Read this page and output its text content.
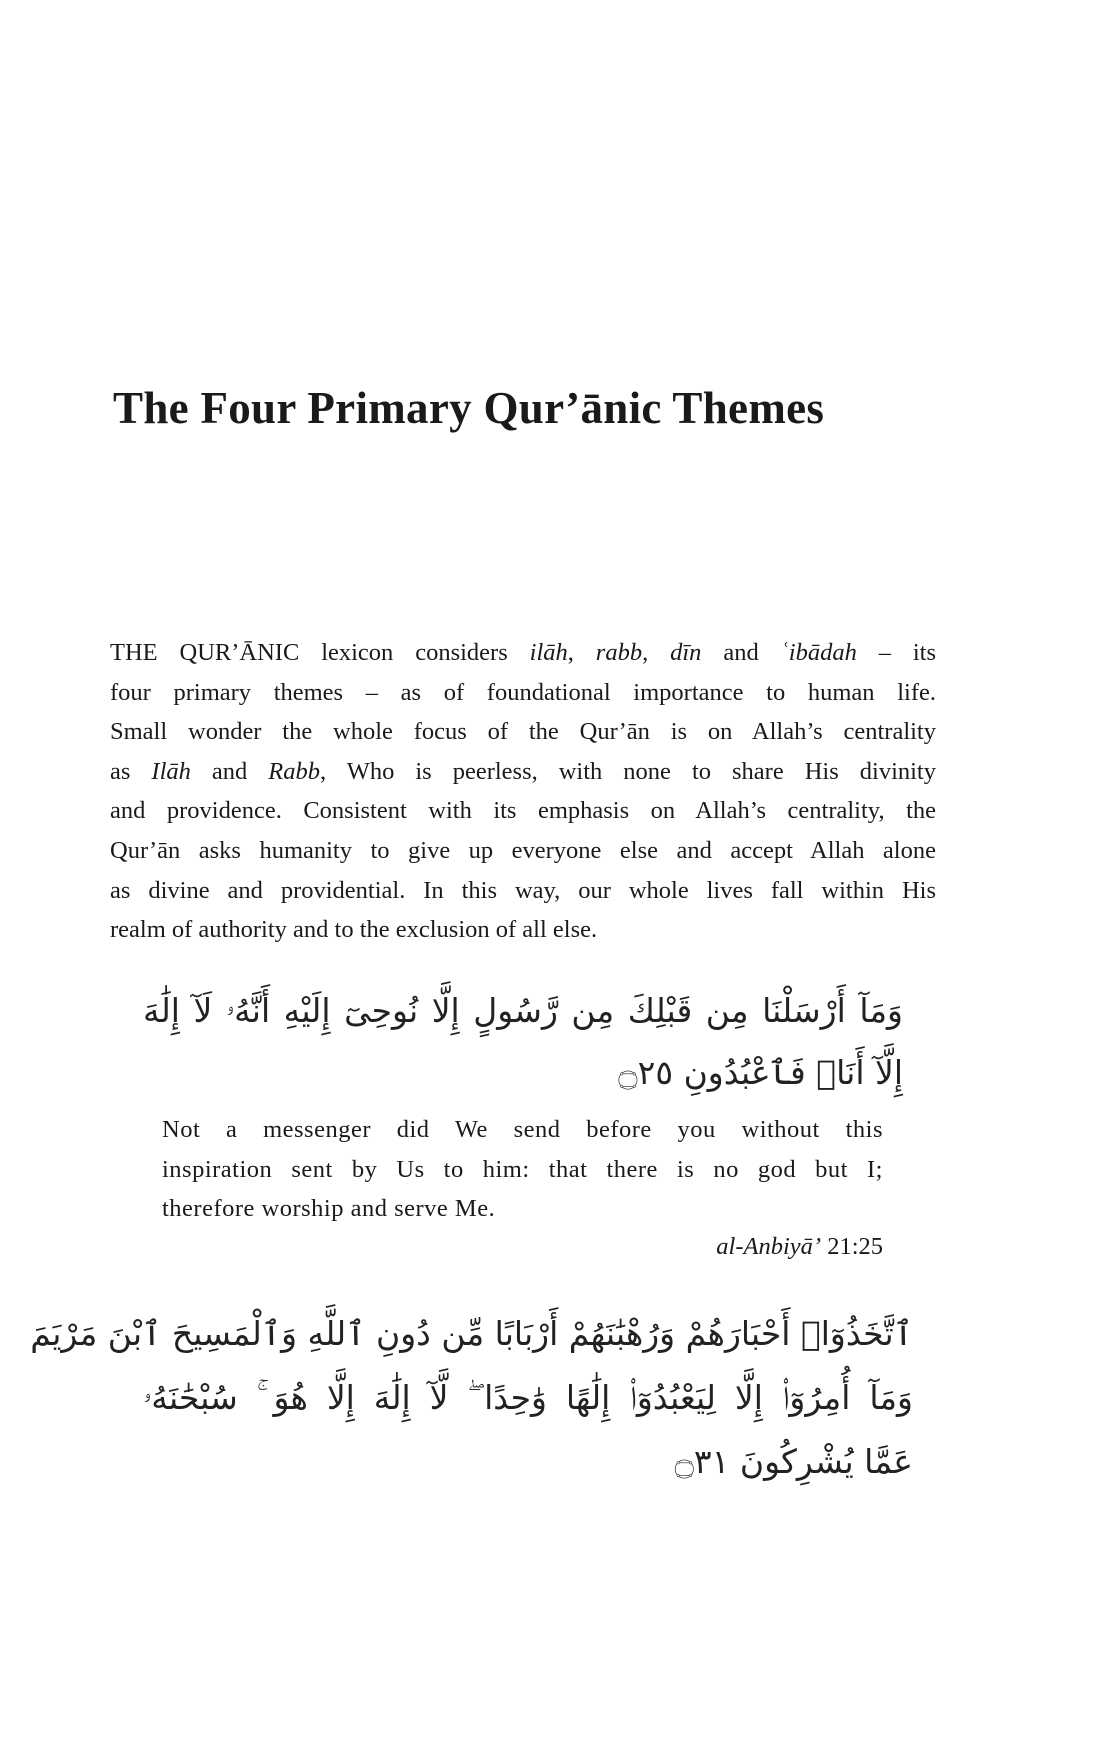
The Four Primary Qur’ānic Themes
THE QUR’ĀNIC lexicon considers ilāh, rabb, dīn and ʿibādah – its
four primary themes – as of foundational importance to human life.
Small wonder the whole focus of the Qur’ān is on Allah’s centrality
as Ilāh and Rabb, Who is peerless, with none to share His divinity
and providence. Consistent with its emphasis on Allah’s centrality, the
Qur’ān asks humanity to give up everyone else and accept Allah alone
as divine and providential. In this way, our whole lives fall within His
realm of authority and to the exclusion of all else.
وَمَآ أَرْسَلْنَا مِن قَبْلِكَ مِن رَّسُولٍ إِلَّا نُوحِىٓ إِلَيْهِ أَنَّهُۥ لَآ إِلَٰهَ
إِلَّآ أَنَا۠ فَٱعْبُدُونِ ۝٢٥
Not a messenger did We send before you without this
inspiration sent by Us to him: that there is no god but I;
therefore worship and serve Me.
al-Anbiyā’ 21:25
ٱتَّخَذُوٓا۟ أَحْبَارَهُمْ وَرُهْبَٰنَهُمْ أَرْبَابًا مِّن دُونِ ٱللَّهِ وَٱلْمَسِيحَ ٱبْنَ مَرْيَمَ
وَمَآ أُمِرُوٓا۟ إِلَّا لِيَعْبُدُوٓا۟ إِلَٰهًا وَٰحِدًا ۖ لَّآ إِلَٰهَ إِلَّا هُوَ ۚ سُبْحَٰنَهُۥ
عَمَّا يُشْرِكُونَ ۝٣١
